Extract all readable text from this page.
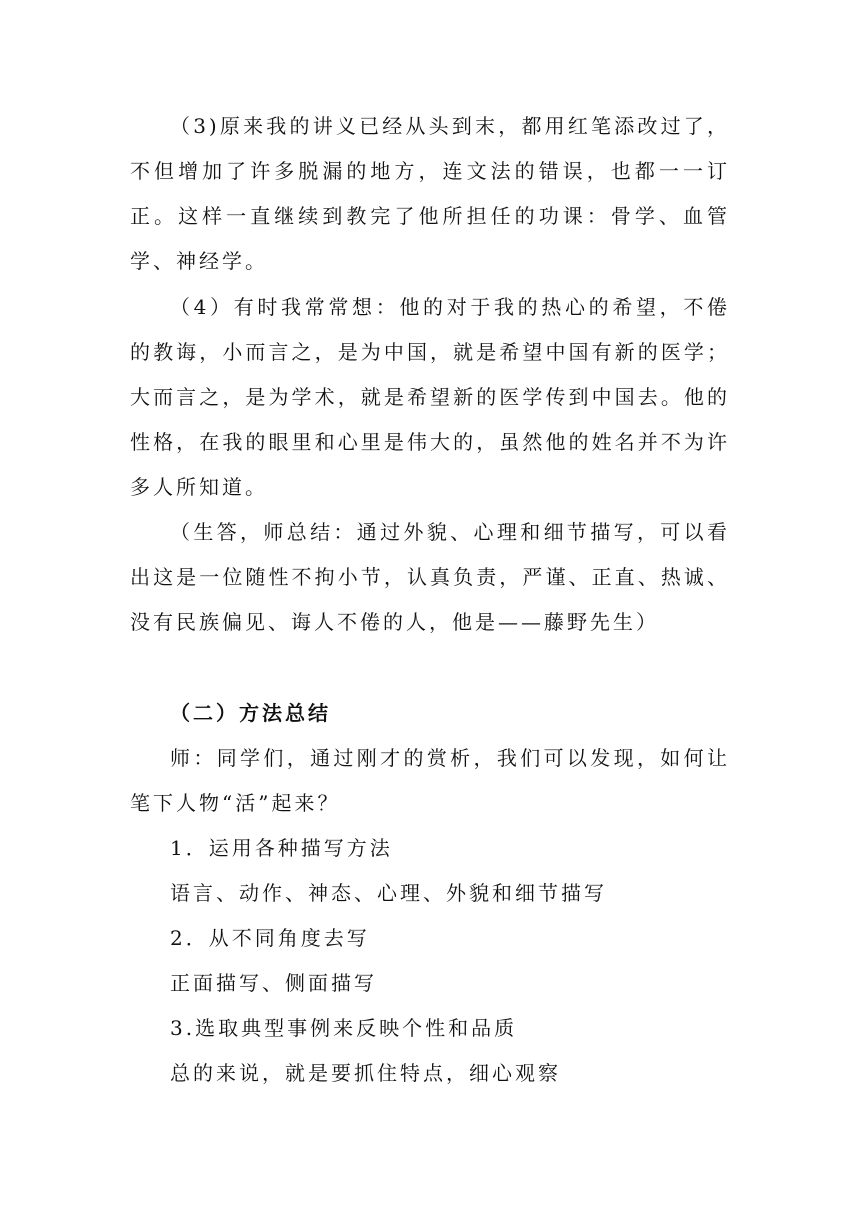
（3)原来我的讲义已经从头到末，都用红笔添改过了，不但增加了许多脱漏的地方，连文法的错误，也都一一订正。这样一直继续到教完了他所担任的功课：骨学、血管学、神经学。

（4）有时我常常想：他的对于我的热心的希望，不倦的教诲，小而言之，是为中国，就是希望中国有新的医学；大而言之，是为学术，就是希望新的医学传到中国去。他的性格，在我的眼里和心里是伟大的，虽然他的姓名并不为许多人所知道。

（生答，师总结：通过外貌、心理和细节描写，可以看出这是一位随性不拘小节，认真负责，严谨、正直、热诚、没有民族偏见、诲人不倦的人，他是——藤野先生）

（二）方法总结

师：同学们，通过刚才的赏析，我们可以发现，如何让笔下人物“活”起来？

1．运用各种描写方法

语言、动作、神态、心理、外貌和细节描写

2．从不同角度去写

正面描写、侧面描写

3.选取典型事例来反映个性和品质

总的来说，就是要抓住特点，细心观察
